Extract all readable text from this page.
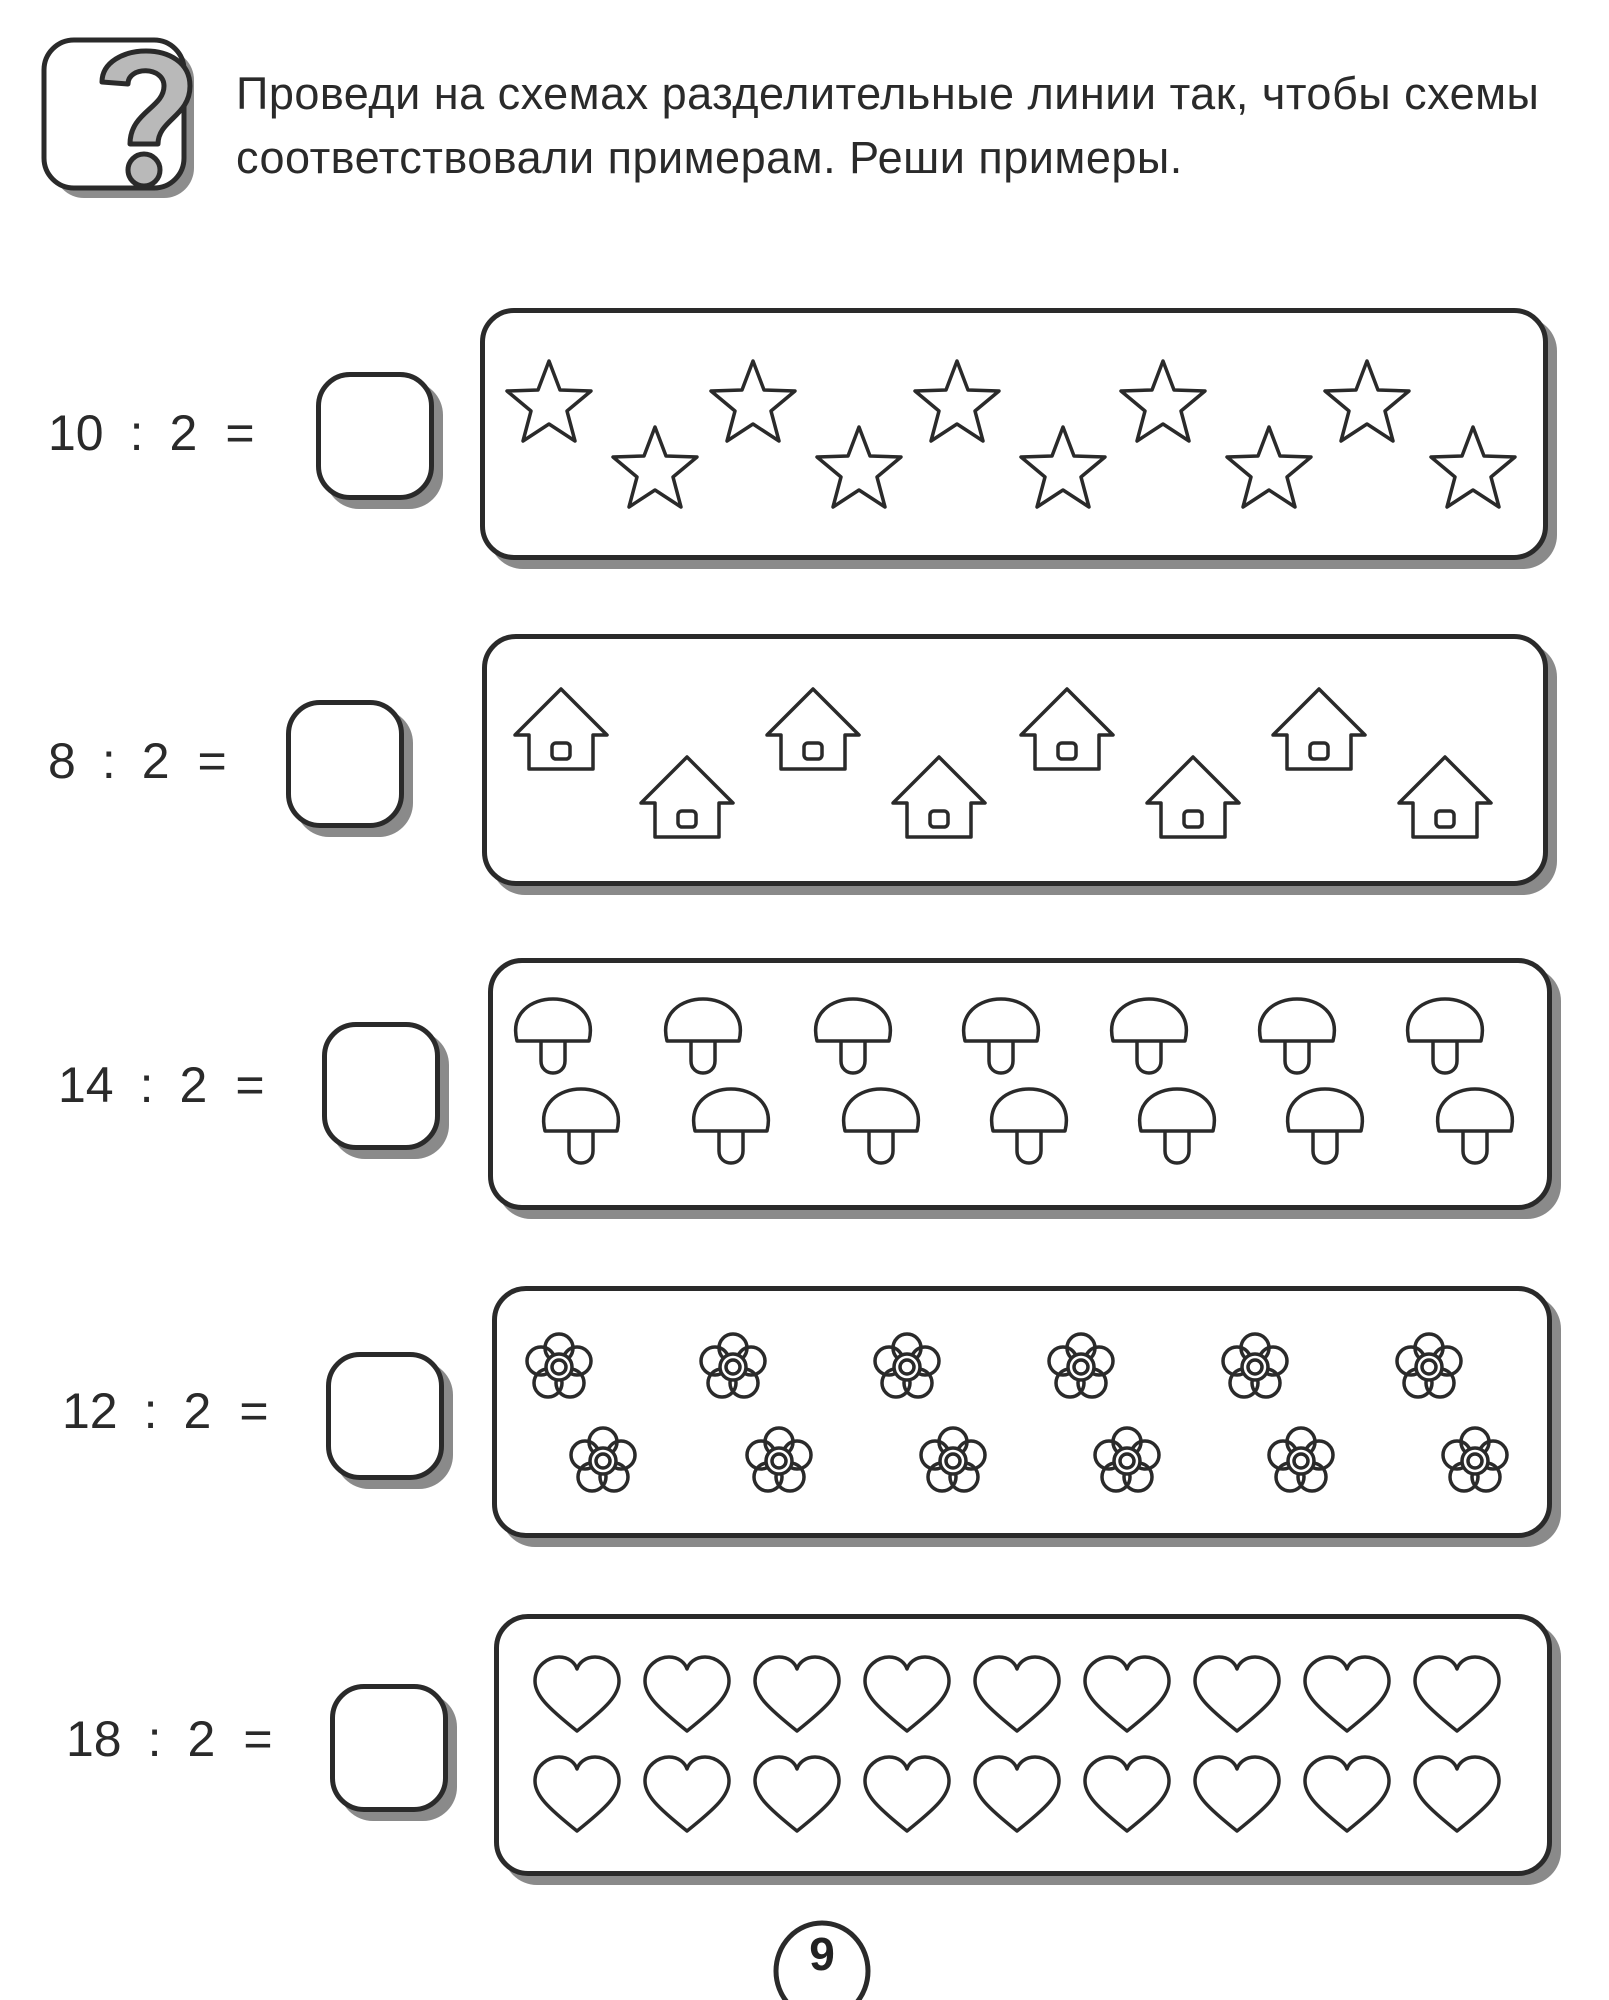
Проведи на схемах разделительные линии так, чтобы схемы соответствовали примерам. Реши примеры.
10 : 2 =
8 : 2 =
14 : 2 =
12 : 2 =
18 : 2 =
9
